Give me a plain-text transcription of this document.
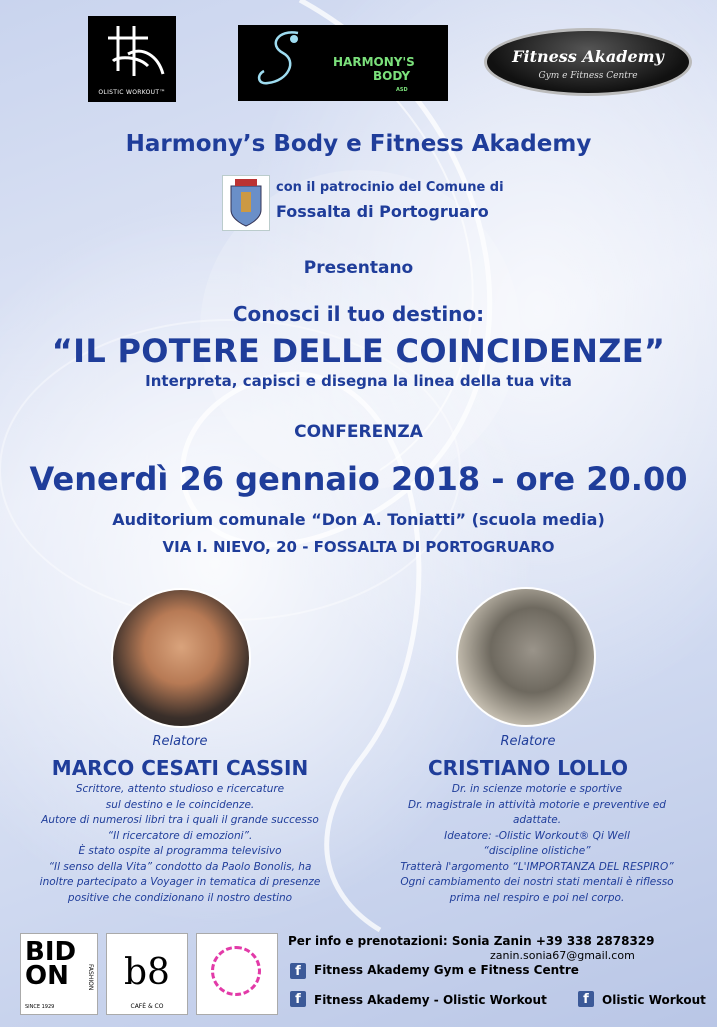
OLISTIC WORKOUT™
HARMONY'S
BODY
ASD
Fitness Akademy
Gym e Fitness Centre
Harmony’s Body e Fitness Akademy
con il patrocinio del Comune di
Fossalta di Portogruaro
Presentano
Conosci il tuo destino:
“IL POTERE DELLE COINCIDENZE”
Interpreta, capisci e disegna la linea della tua vita
CONFERENZA
Venerdì 26 gennaio 2018 - ore 20.00
Auditorium comunale “Don A. Toniatti” (scuola media)
VIA I. NIEVO, 20 - FOSSALTA DI PORTOGRUARO
Relatore
MARCO CESATI CASSIN
Scrittore, attento studioso e ricercature
sul destino e le coincidenze.
Autore di numerosi libri tra i quali il grande successo
“Il ricercatore di emozioni”.
È stato ospite al programma televisivo
“Il senso della Vita” condotto da Paolo Bonolis, ha
inoltre partecipato a Voyager in tematica di presenze
positive che condizionano il nostro destino
Relatore
CRISTIANO LOLLO
Dr. in scienze motorie e sportive
Dr. magistrale in attività motorie e preventive ed
adattate.
Ideatore: -Olistic Workout® Qi Well
“discipline olistiche”
Tratterà l'argomento “L'IMPORTANZA DEL RESPIRO”
Ogni cambiamento dei nostri stati mentali è riflesso
prima nel respiro e poi nel corpo.
BID ON	FASHION
SINCE 1929
b8
CAFÈ & CO
Per info e prenotazioni: Sonia Zanin +39 338 2878329
zanin.sonia67@gmail.com
f	Fitness Akademy Gym e Fitness Centre
f	Fitness Akademy - Olistic Workout	f	Olistic Workout
